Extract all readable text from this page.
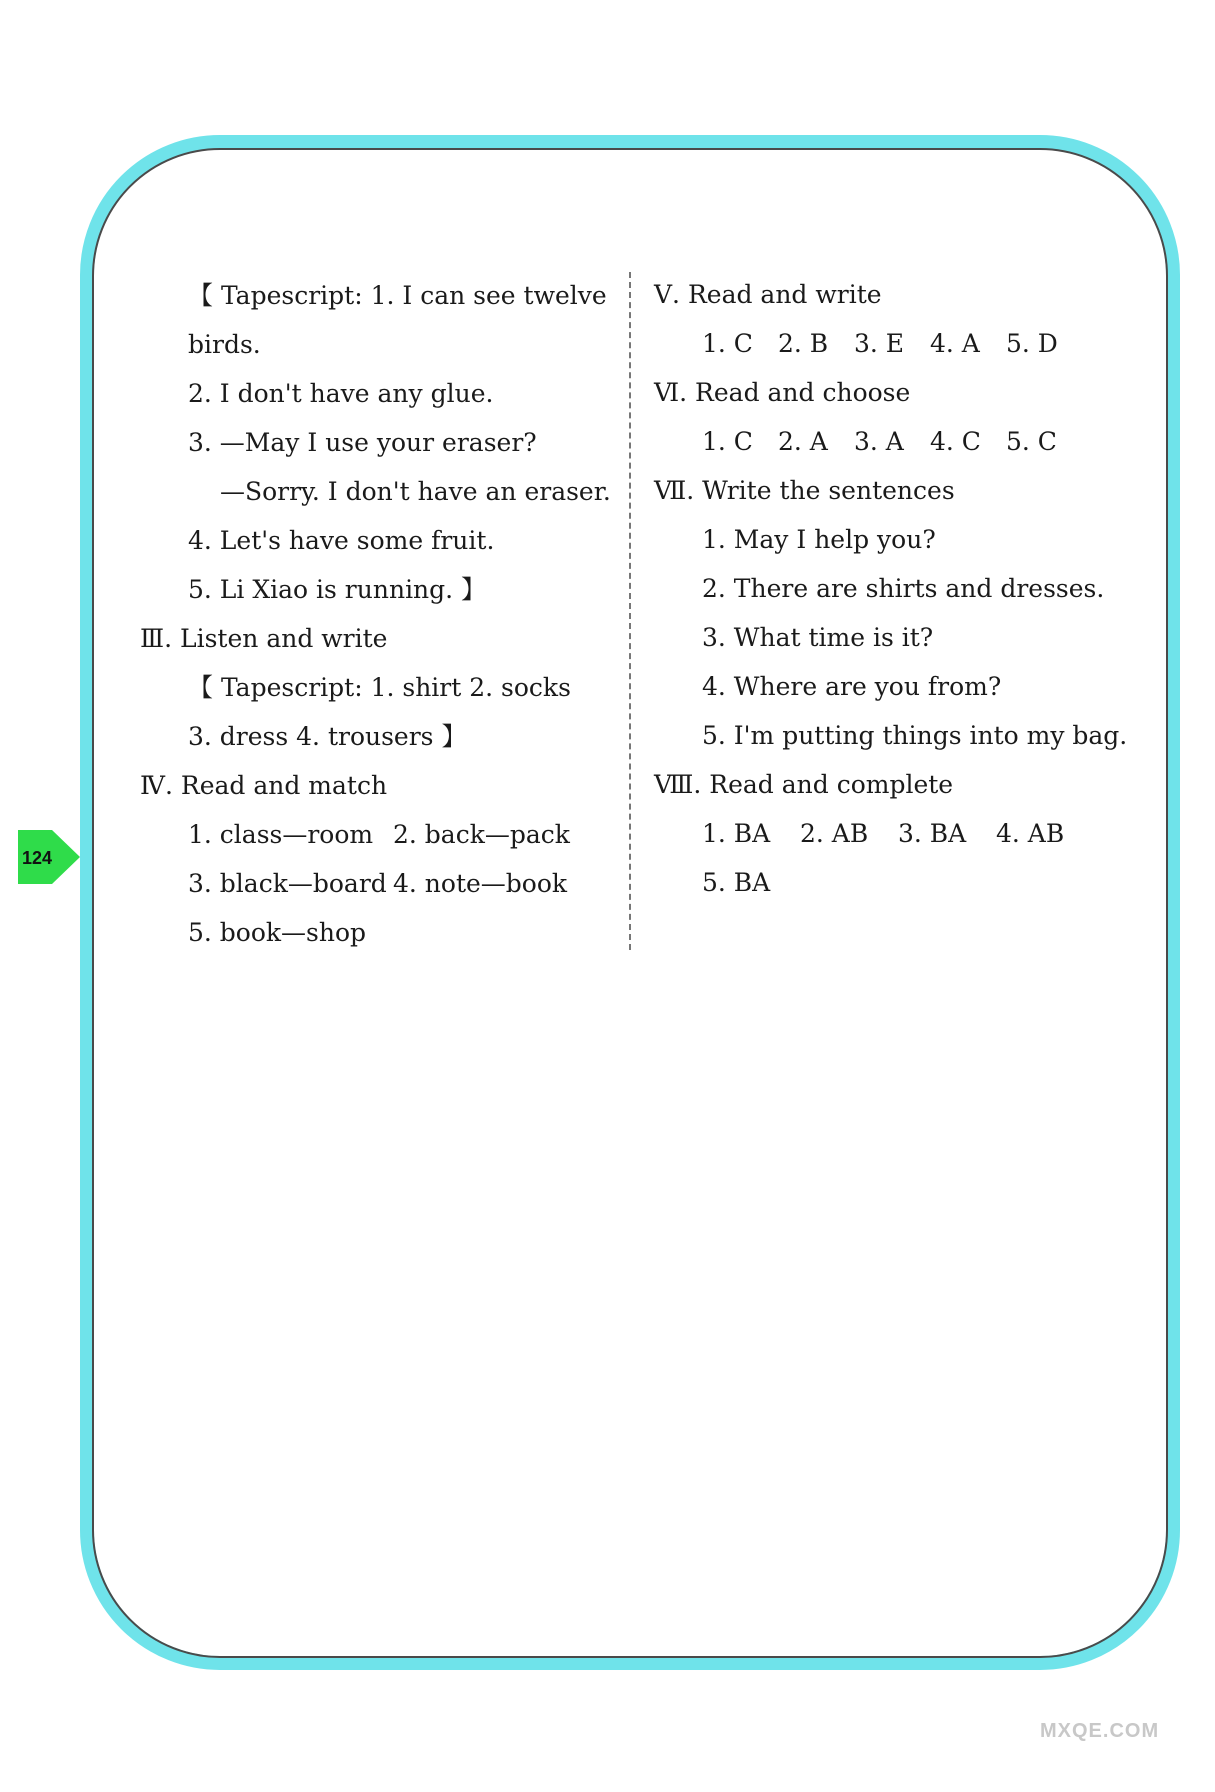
124
【 Tapescript: 1. I can see twelve
birds.
2. I don't have any glue.
3. —May I use your eraser?
—Sorry. I don't have an eraser.
4. Let's have some fruit.
5. Li Xiao is running. 】
Ⅲ. Listen and write
【 Tapescript: 1. shirt 2. socks
3. dress 4. trousers 】
Ⅳ. Read and match
1. class—room 2. back—pack
3. black—board 4. note—book
5. book—shop
Ⅴ. Read and write
1. C 2. B 3. E 4. A 5. D
Ⅵ. Read and choose
1. C 2. A 3. A 4. C 5. C
Ⅶ. Write the sentences
1. May I help you?
2. There are shirts and dresses.
3. What time is it?
4. Where are you from?
5. I'm putting things into my bag.
Ⅷ. Read and complete
1. BA 2. AB 3. BA 4. AB
5. BA
MXQE.COM
